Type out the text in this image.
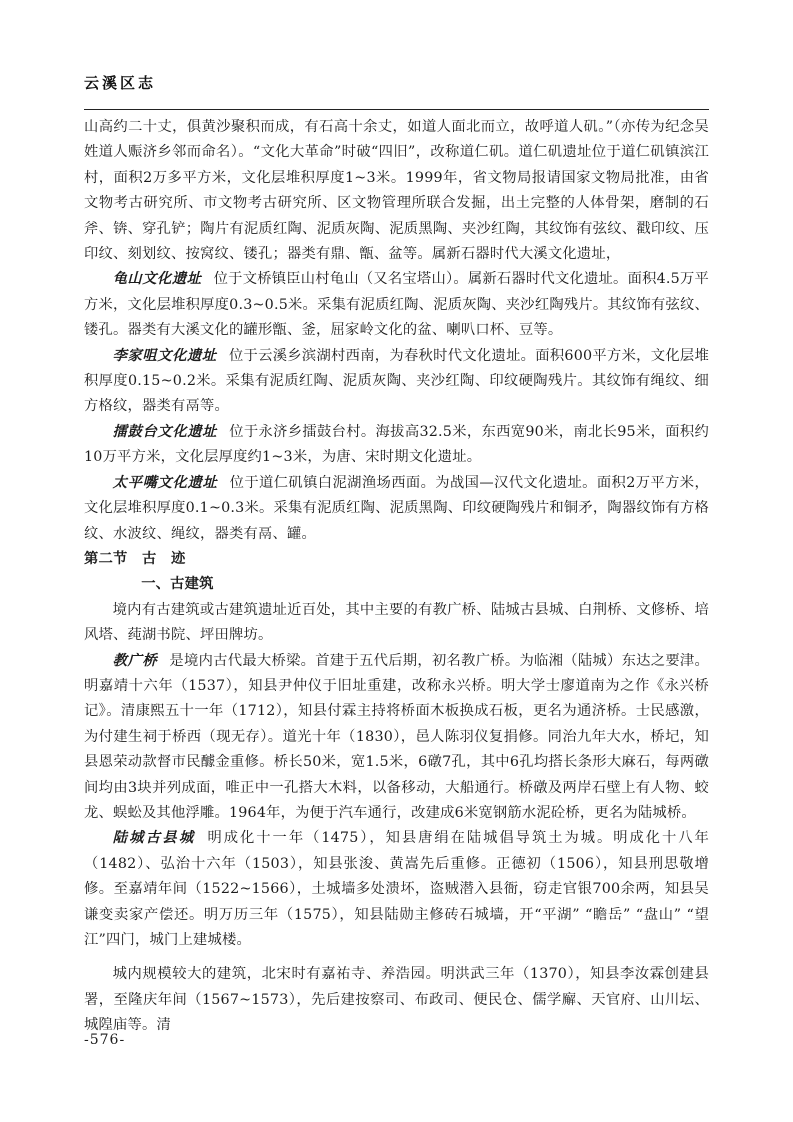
云溪区志

山高约二十丈，俱黄沙聚积而成，有石高十余丈，如道人面北而立，故呼道人矶。”（亦传为纪念吴姓道人赈济乡邻而命名）。“文化大革命”时破“四旧”，改称道仁矶。道仁矶遗址位于道仁矶镇滨江村，面积2万多平方米，文化层堆积厚度1~3米。1999年，省文物局报请国家文物局批准，由省文物考古研究所、市文物考古研究所、区文物管理所联合发掘，出土完整的人体骨架，磨制的石斧、锛、穿孔铲；陶片有泥质红陶、泥质灰陶、泥质黑陶、夹沙红陶，其纹饰有弦纹、戳印纹、压印纹、刻划纹、按窝纹、镂孔；器类有鼎、甑、盆等。属新石器时代大溪文化遗址，

龟山文化遗址 位于文桥镇臣山村龟山（又名宝塔山）。属新石器时代文化遗址。面积4.5万平方米，文化层堆积厚度0.3~0.5米。采集有泥质红陶、泥质灰陶、夹沙红陶残片。其纹饰有弦纹、镂孔。器类有大溪文化的罐形甑、釜，屈家岭文化的盆、喇叭口杯、豆等。

李家咀文化遗址 位于云溪乡滨湖村西南，为春秋时代文化遗址。面积600平方米，文化层堆积厚度0.15~0.2米。采集有泥质红陶、泥质灰陶、夹沙红陶、印纹硬陶残片。其纹饰有绳纹、细方格纹，器类有鬲等。

擂鼓台文化遗址 位于永济乡擂鼓台村。海拔高32.5米，东西宽90米，南北长95米，面积约10万平方米，文化层厚度约1~3米，为唐、宋时期文化遗址。

太平嘴文化遗址 位于道仁矶镇白泥湖渔场西面。为战国—汉代文化遗址。面积2万平方米，文化层堆积厚度0.1~0.3米。采集有泥质红陶、泥质黑陶、印纹硬陶残片和铜矛，陶器纹饰有方格纹、水波纹、绳纹，器类有鬲、罐。

第二节　古　迹

一、古建筑

境内有古建筑或古建筑遗址近百处，其中主要的有教广桥、陆城古县城、白荆桥、文修桥、培风塔、莼湖书院、坪田牌坊。

教广桥 是境内古代最大桥梁。首建于五代后期，初名教广桥。为临湘（陆城）东达之要津。明嘉靖十六年（1537），知县尹仲仪于旧址重建，改称永兴桥。明大学士廖道南为之作《永兴桥记》。清康熙五十一年（1712），知县付霖主持将桥面木板换成石板，更名为通济桥。士民感激，为付建生祠于桥西（现无存）。道光十年（1830），邑人陈羽仪复捐修。同治九年大水，桥圮，知县恩荣动款督市民醵金重修。桥长50米，宽1.5米，6礅7孔，其中6孔均搭长条形大麻石，每两礅间均由3块并列成面，唯正中一孔搭大木料，以备移动，大船通行。桥礅及两岸石壁上有人物、蛟龙、蜈蚣及其他浮雕。1964年，为便于汽车通行，改建成6米宽钢筋水泥砼桥，更名为陆城桥。

陆城古县城 明成化十一年（1475），知县唐绢在陆城倡导筑土为城。明成化十八年（1482）、弘治十六年（1503），知县张浚、黄嵩先后重修。正德初（1506），知县刑思敬增修。至嘉靖年间（1522~1566），土城墙多处溃坏，盗贼潜入县衙，窃走官银700余两，知县吴谦变卖家产偿还。明万历三年（1575），知县陆勋主修砖石城墙，开“平湖” “瞻岳” “盘山” “望江”四门，城门上建城楼。

城内规模较大的建筑，北宋时有嘉祐寺、养浩园。明洪武三年（1370），知县李汝霖创建县署，至隆庆年间（1567~1573），先后建按察司、布政司、便民仓、儒学廨、天官府、山川坛、城隍庙等。清

-576-
